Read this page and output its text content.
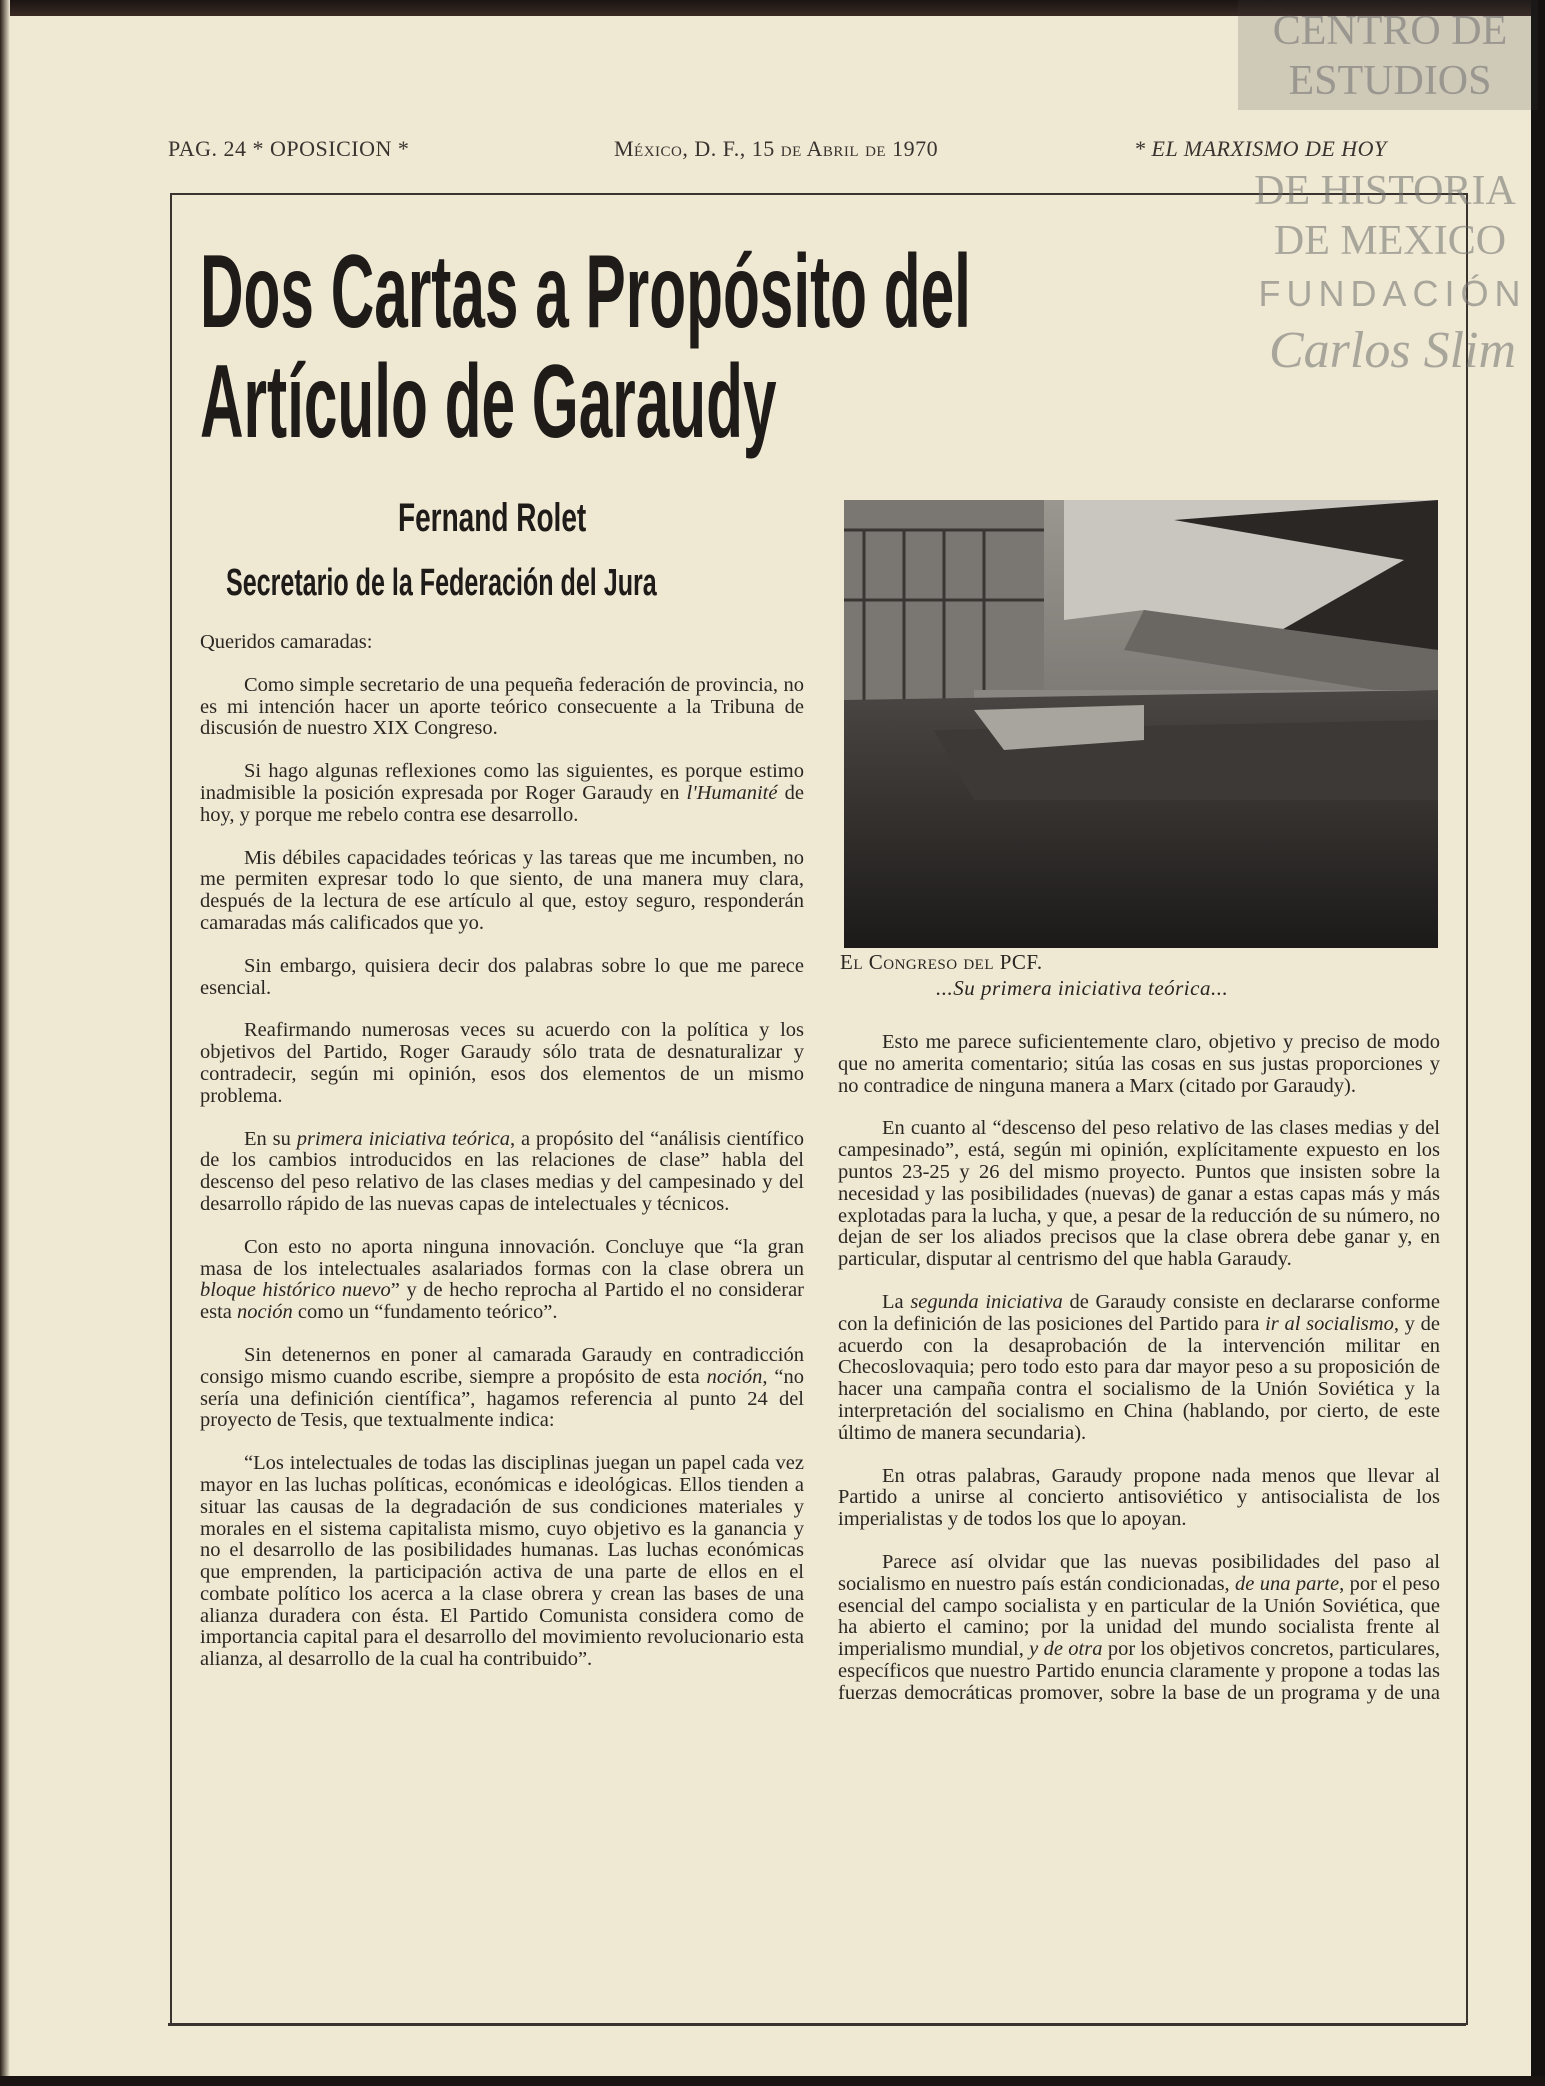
PAG. 24 * OPOSICION *	México, D. F., 15 de Abril de 1970	* EL MARXISMO DE HOY
Dos Cartas a Propósito del
Artículo de Garaudy
Fernand Rolet
Secretario de la Federación del Jura

Queridos camaradas:

Como simple secretario de una pequeña federación de provincia, no es mi intención hacer un aporte teórico consecuente a la Tribuna de discusión de nuestro XIX Congreso.

Si hago algunas reflexiones como las siguientes, es porque estimo inadmisible la posición expresada por Roger Garaudy en l'Humanité de hoy, y porque me rebelo contra ese desarrollo.

Mis débiles capacidades teóricas y las tareas que me incumben, no me permiten expresar todo lo que siento, de una manera muy clara, después de la lectura de ese artículo al que, estoy seguro, responderán camaradas más calificados que yo.

Sin embargo, quisiera decir dos palabras sobre lo que me parece esencial.

Reafirmando numerosas veces su acuerdo con la política y los objetivos del Partido, Roger Garaudy sólo trata de desnaturalizar y contradecir, según mi opinión, esos dos elementos de un mismo problema.

En su primera iniciativa teórica, a propósito del “análisis científico de los cambios introducidos en las relaciones de clase” habla del descenso del peso relativo de las clases medias y del campesinado y del desarrollo rápido de las nuevas capas de intelectuales y técnicos.

Con esto no aporta ninguna innovación. Concluye que “la gran masa de los intelectuales asalariados formas con la clase obrera un bloque histórico nuevo” y de hecho reprocha al Partido el no considerar esta noción como un “fundamento teórico”.

Sin detenernos en poner al camarada Garaudy en contradicción consigo mismo cuando escribe, siempre a propósito de esta noción, “no sería una definición científica”, hagamos referencia al punto 24 del proyecto de Tesis, que textualmente indica:

“Los intelectuales de todas las disciplinas juegan un papel cada vez mayor en las luchas políticas, económicas e ideológicas. Ellos tienden a situar las causas de la degradación de sus condiciones materiales y morales en el sistema capitalista mismo, cuyo objetivo es la ganancia y no el desarrollo de las posibilidades humanas. Las luchas económicas que emprenden, la participación activa de una parte de ellos en el combate político los acerca a la clase obrera y crean las bases de una alianza duradera con ésta. El Partido Comunista considera como de importancia capital para el desarrollo del movimiento revolucionario esta alianza, al desarrollo de la cual ha contribuido”.

Esto me parece suficientemente claro, objetivo y preciso de modo que no amerita comentario; sitúa las cosas en sus justas proporciones y no contradice de ninguna manera a Marx (citado por Garaudy).

En cuanto al “descenso del peso relativo de las clases medias y del campesinado”, está, según mi opinión, explícitamente expuesto en los puntos 23-25 y 26 del mismo proyecto. Puntos que insisten sobre la necesidad y las posibilidades (nuevas) de ganar a estas capas más y más explotadas para la lucha, y que, a pesar de la reducción de su número, no dejan de ser los aliados precisos que la clase obrera debe ganar y, en particular, disputar al centrismo del que habla Garaudy.

La segunda iniciativa de Garaudy consiste en declararse conforme con la definición de las posiciones del Partido para ir al socialismo, y de acuerdo con la desaprobación de la intervención militar en Checoslovaquia; pero todo esto para dar mayor peso a su proposición de hacer una campaña contra el socialismo de la Unión Soviética y la interpretación del socialismo en China (hablando, por cierto, de este último de manera secundaria).

En otras palabras, Garaudy propone nada menos que llevar al Partido a unirse al concierto antisoviético y antisocialista de los imperialistas y de todos los que lo apoyan.

Parece así olvidar que las nuevas posibilidades del paso al socialismo en nuestro país están condicionadas, de una parte, por el peso esencial del campo socialista y en particular de la Unión Soviética, que ha abierto el camino; por la unidad del mundo socialista frente al imperialismo mundial, y de otra por los objetivos concretos, particulares, específicos que nuestro Partido enuncia claramente y propone a todas las fuerzas democráticas promover, sobre la base de un programa y de una

El Congreso del PCF.
...Su primera iniciativa teórica...
CENTRO DE
ESTUDIOS
DE HISTORIA
DE MEXICO
FUNDACIÓN
Carlos Slim
